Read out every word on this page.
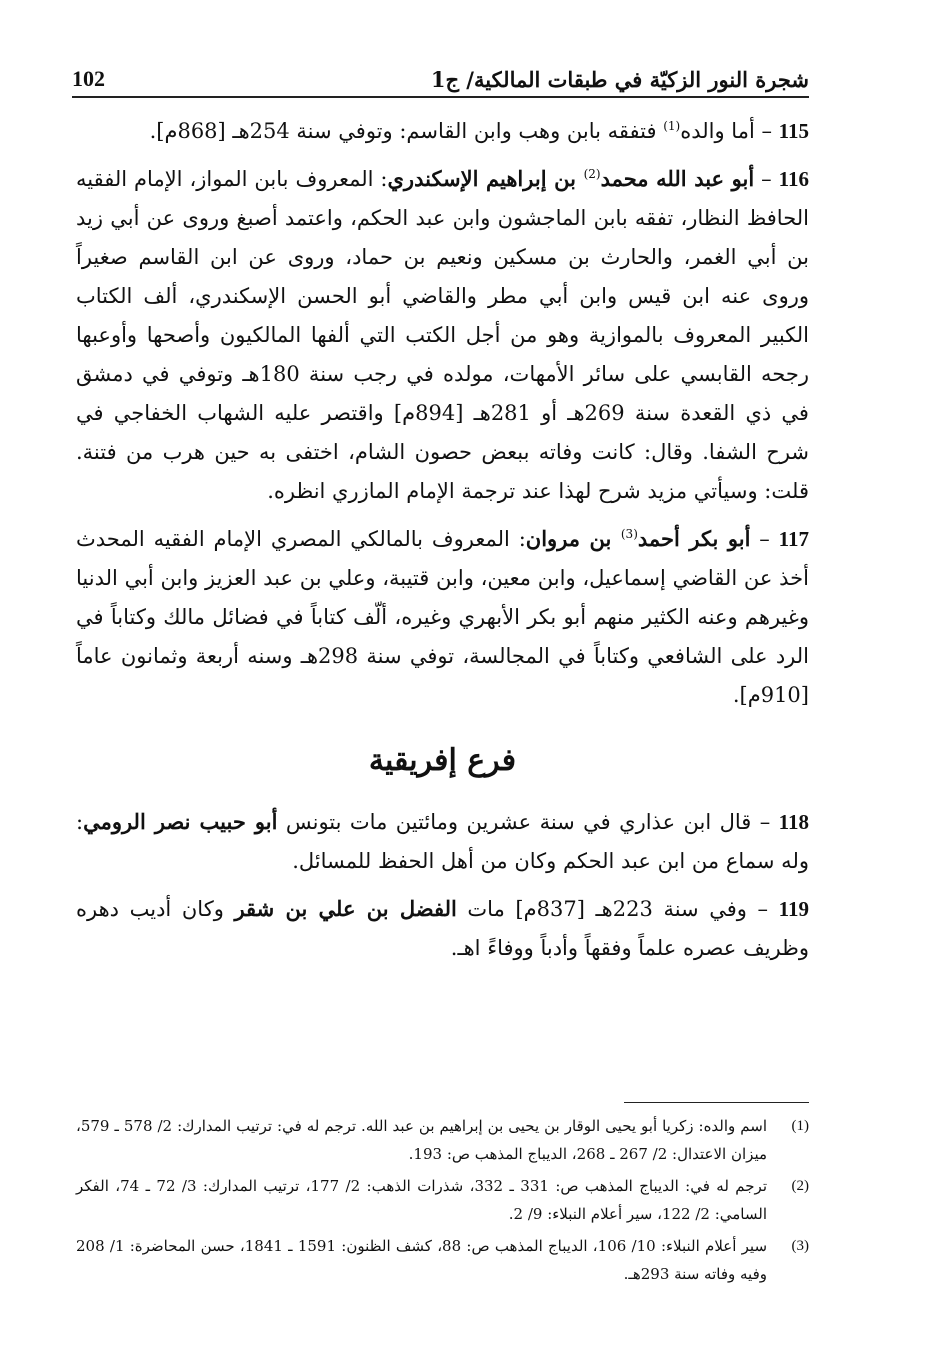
شجرة النور الزكيّة في طبقات المالكية/ ج1
102

115 – أما والده$^{(1)}$ فتفقه بابن وهب وابن القاسم: وتوفي سنة 254هـ [868م].

116 – أبو عبد الله محمد$^{(2)}$ بن إبراهيم الإسكندري: المعروف بابن المواز، الإمام الفقيه الحافظ النظار، تفقه بابن الماجشون وابن عبد الحكم، واعتمد أصبغ وروى عن أبي زيد بن أبي الغمر، والحارث بن مسكين ونعيم بن حماد، وروى عن ابن القاسم صغيراً وروى عنه ابن قيس وابن أبي مطر والقاضي أبو الحسن الإسكندري، ألف الكتاب الكبير المعروف بالموازية وهو من أجل الكتب التي ألفها المالكيون وأصحها وأوعبها رجحه القابسي على سائر الأمهات، مولده في رجب سنة 180هـ وتوفي في دمشق في ذي القعدة سنة 269هـ أو 281هـ [894م] واقتصر عليه الشهاب الخفاجي في شرح الشفا. وقال: كانت وفاته ببعض حصون الشام، اختفى به حين هرب من فتنة. قلت: وسيأتي مزيد شرح لهذا عند ترجمة الإمام المازري انظره.

117 – أبو بكر أحمد$^{(3)}$ بن مروان: المعروف بالمالكي المصري الإمام الفقيه المحدث أخذ عن القاضي إسماعيل، وابن معين، وابن قتيبة، وعلي بن عبد العزيز وابن أبي الدنيا وغيرهم وعنه الكثير منهم أبو بكر الأبهري وغيره، ألّف كتاباً في فضائل مالك وكتاباً في الرد على الشافعي وكتاباً في المجالسة، توفي سنة 298هـ وسنه أربعة وثمانون عاماً [910م].

فرع إفريقية

118 – قال ابن عذاري في سنة عشرين ومائتين مات بتونس أبو حبيب نصر الرومي: وله سماع من ابن عبد الحكم وكان من أهل الحفظ للمسائل.

119 – وفي سنة 223هـ [837م] مات الفضل بن علي بن شقر وكان أديب دهره وظريف عصره علماً وفقهاً وأدباً ووفاءً اهـ.

(1)
اسم والده: زكريا أبو يحيى الوقار بن يحيى بن إبراهيم بن عبد الله. ترجم له في: ترتيب المدارك: 2/ 578 ـ 579، ميزان الاعتدال: 2/ 267 ـ 268، الديباج المذهب ص: 193.
(2)
ترجم له في: الديباج المذهب ص: 331 ـ 332، شذرات الذهب: 2/ 177، ترتيب المدارك: 3/ 72 ـ 74، الفكر السامي: 2/ 122، سير أعلام النبلاء: 9/ 2.
(3)
سير أعلام النبلاء: 10/ 106، الديباج المذهب ص: 88، كشف الظنون: 1591 ـ 1841، حسن المحاضرة: 1/ 208 وفيه وفاته سنة 293هـ.
